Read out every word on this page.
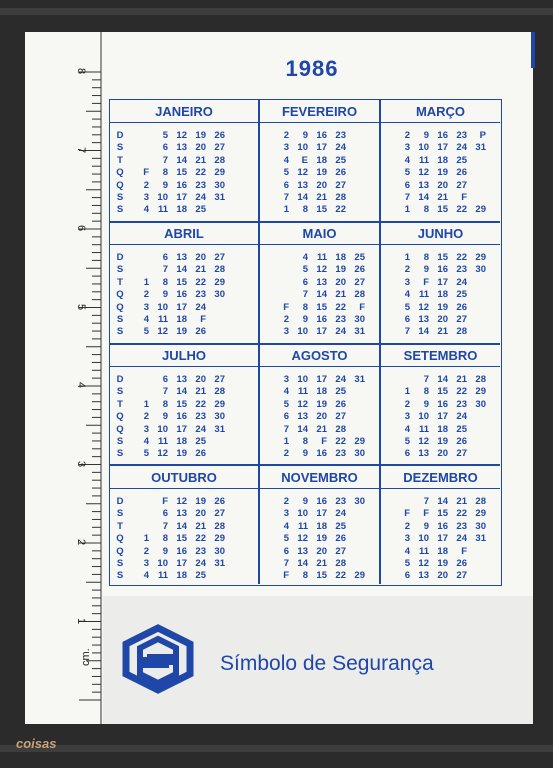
8
7
6
5
4
3
2
1
cm.
1986
JANEIRO
D
S
T
Q
Q
S
S
5 12 19 26
6 13 20 27
7 14 21 28
F 8 15 22 29
2 9 16 23 30
3 10 17 24 31
4 11 18 25
FEVEREIRO
2 9 16 23
3 10 17 24
4 E 18 25
5 12 19 26
6 13 20 27
7 14 21 28
1 8 15 22
MARÇO
2 9 16 23 P
3 10 17 24 31
4 11 18 25
5 12 19 26
6 13 20 27
7 14 21 F
1 8 15 22 29
ABRIL
D
S
T
Q
Q
S
S
6 13 20 27
7 14 21 28
1 8 15 22 29
2 9 16 23 30
3 10 17 24
4 11 18 F
5 12 19 26
MAIO
4 11 18 25
5 12 19 26
6 13 20 27
7 14 21 28
F 8 15 22 F
2 9 16 23 30
3 10 17 24 31
JUNHO
1 8 15 22 29
2 9 16 23 30
3 F 17 24
4 11 18 25
5 12 19 26
6 13 20 27
7 14 21 28
JULHO
D
S
T
Q
Q
S
S
6 13 20 27
7 14 21 28
1 8 15 22 29
2 9 16 23 30
3 10 17 24 31
4 11 18 25
5 12 19 26
AGOSTO
3 10 17 24 31
4 11 18 25
5 12 19 26
6 13 20 27
7 14 21 28
1 8 F 22 29
2 9 16 23 30
SETEMBRO
7 14 21 28
1 8 15 22 29
2 9 16 23 30
3 10 17 24
4 11 18 25
5 12 19 26
6 13 20 27
OUTUBRO
D
S
T
Q
Q
S
S
F 12 19 26
6 13 20 27
7 14 21 28
1 8 15 22 29
2 9 16 23 30
3 10 17 24 31
4 11 18 25
NOVEMBRO
2 9 16 23 30
3 10 17 24
4 11 18 25
5 12 19 26
6 13 20 27
7 14 21 28
F 8 15 22 29
DEZEMBRO
7 14 21 28
F F 15 22 29
2 9 16 23 30
3 10 17 24 31
4 11 18 F
5 12 19 26
6 13 20 27
Símbolo de Segurança
coisas
